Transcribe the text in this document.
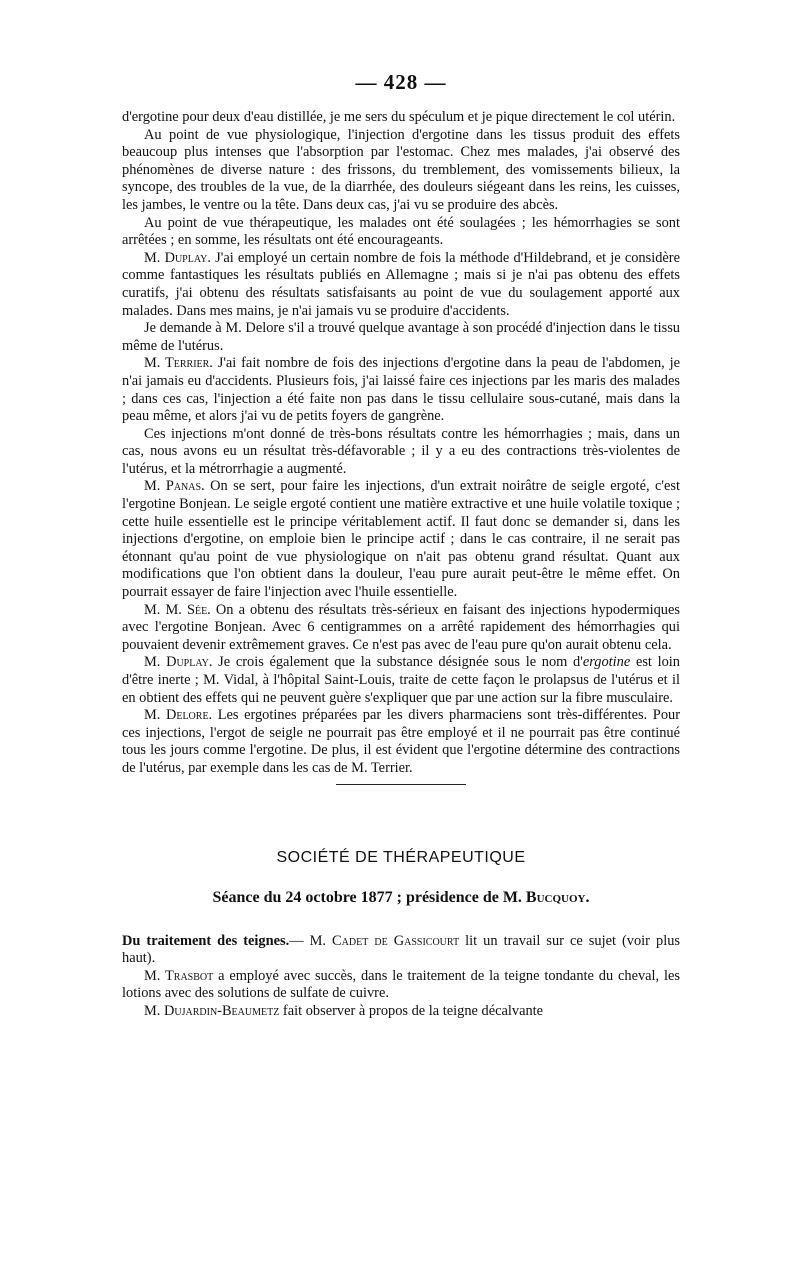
— 428 —

d'ergotine pour deux d'eau distillée, je me sers du spéculum et je pique directement le col utérin.

Au point de vue physiologique, l'injection d'ergotine dans les tissus produit des effets beaucoup plus intenses que l'absorption par l'estomac. Chez mes malades, j'ai observé des phénomènes de diverse nature : des frissons, du tremblement, des vomissements bilieux, la syncope, des troubles de la vue, de la diarrhée, des douleurs siégeant dans les reins, les cuisses, les jambes, le ventre ou la tête. Dans deux cas, j'ai vu se produire des abcès.

Au point de vue thérapeutique, les malades ont été soulagées ; les hémorrhagies se sont arrêtées ; en somme, les résultats ont été encourageants.

M. Duplay. J'ai employé un certain nombre de fois la méthode d'Hildebrand, et je considère comme fantastiques les résultats publiés en Allemagne ; mais si je n'ai pas obtenu des effets curatifs, j'ai obtenu des résultats satisfaisants au point de vue du soulagement apporté aux malades. Dans mes mains, je n'ai jamais vu se produire d'accidents.

Je demande à M. Delore s'il a trouvé quelque avantage à son procédé d'injection dans le tissu même de l'utérus.

M. Terrier. J'ai fait nombre de fois des injections d'ergotine dans la peau de l'abdomen, je n'ai jamais eu d'accidents. Plusieurs fois, j'ai laissé faire ces injections par les maris des malades ; dans ces cas, l'injection a été faite non pas dans le tissu cellulaire sous-cutané, mais dans la peau même, et alors j'ai vu de petits foyers de gangrène.

Ces injections m'ont donné de très-bons résultats contre les hémorrhagies ; mais, dans un cas, nous avons eu un résultat très-défavorable ; il y a eu des contractions très-violentes de l'utérus, et la métrorrhagie a augmenté.

M. Panas. On se sert, pour faire les injections, d'un extrait noirâtre de seigle ergoté, c'est l'ergotine Bonjean. Le seigle ergoté contient une matière extractive et une huile volatile toxique ; cette huile essentielle est le principe véritablement actif. Il faut donc se demander si, dans les injections d'ergotine, on emploie bien le principe actif ; dans le cas contraire, il ne serait pas étonnant qu'au point de vue physiologique on n'ait pas obtenu grand résultat. Quant aux modifications que l'on obtient dans la douleur, l'eau pure aurait peut-être le même effet. On pourrait essayer de faire l'injection avec l'huile essentielle.

M. M. Sée. On a obtenu des résultats très-sérieux en faisant des injections hypodermiques avec l'ergotine Bonjean. Avec 6 centigrammes on a arrêté rapidement des hémorrhagies qui pouvaient devenir extrêmement graves. Ce n'est pas avec de l'eau pure qu'on aurait obtenu cela.

M. Duplay. Je crois également que la substance désignée sous le nom d'ergotine est loin d'être inerte ; M. Vidal, à l'hôpital Saint-Louis, traite de cette façon le prolapsus de l'utérus et il en obtient des effets qui ne peuvent guère s'expliquer que par une action sur la fibre musculaire.

M. Delore. Les ergotines préparées par les divers pharmaciens sont très-différentes. Pour ces injections, l'ergot de seigle ne pourrait pas être employé et il ne pourrait pas être continué tous les jours comme l'ergotine. De plus, il est évident que l'ergotine détermine des contractions de l'utérus, par exemple dans les cas de M. Terrier.

SOCIÉTÉ DE THÉRAPEUTIQUE
Séance du 24 octobre 1877 ; présidence de M. Bucquoy.

Du traitement des teignes.— M. Cadet de Gassicourt lit un travail sur ce sujet (voir plus haut).

M. Trasbot a employé avec succès, dans le traitement de la teigne tondante du cheval, les lotions avec des solutions de sulfate de cuivre.

M. Dujardin-Beaumetz fait observer à propos de la teigne décalvante
